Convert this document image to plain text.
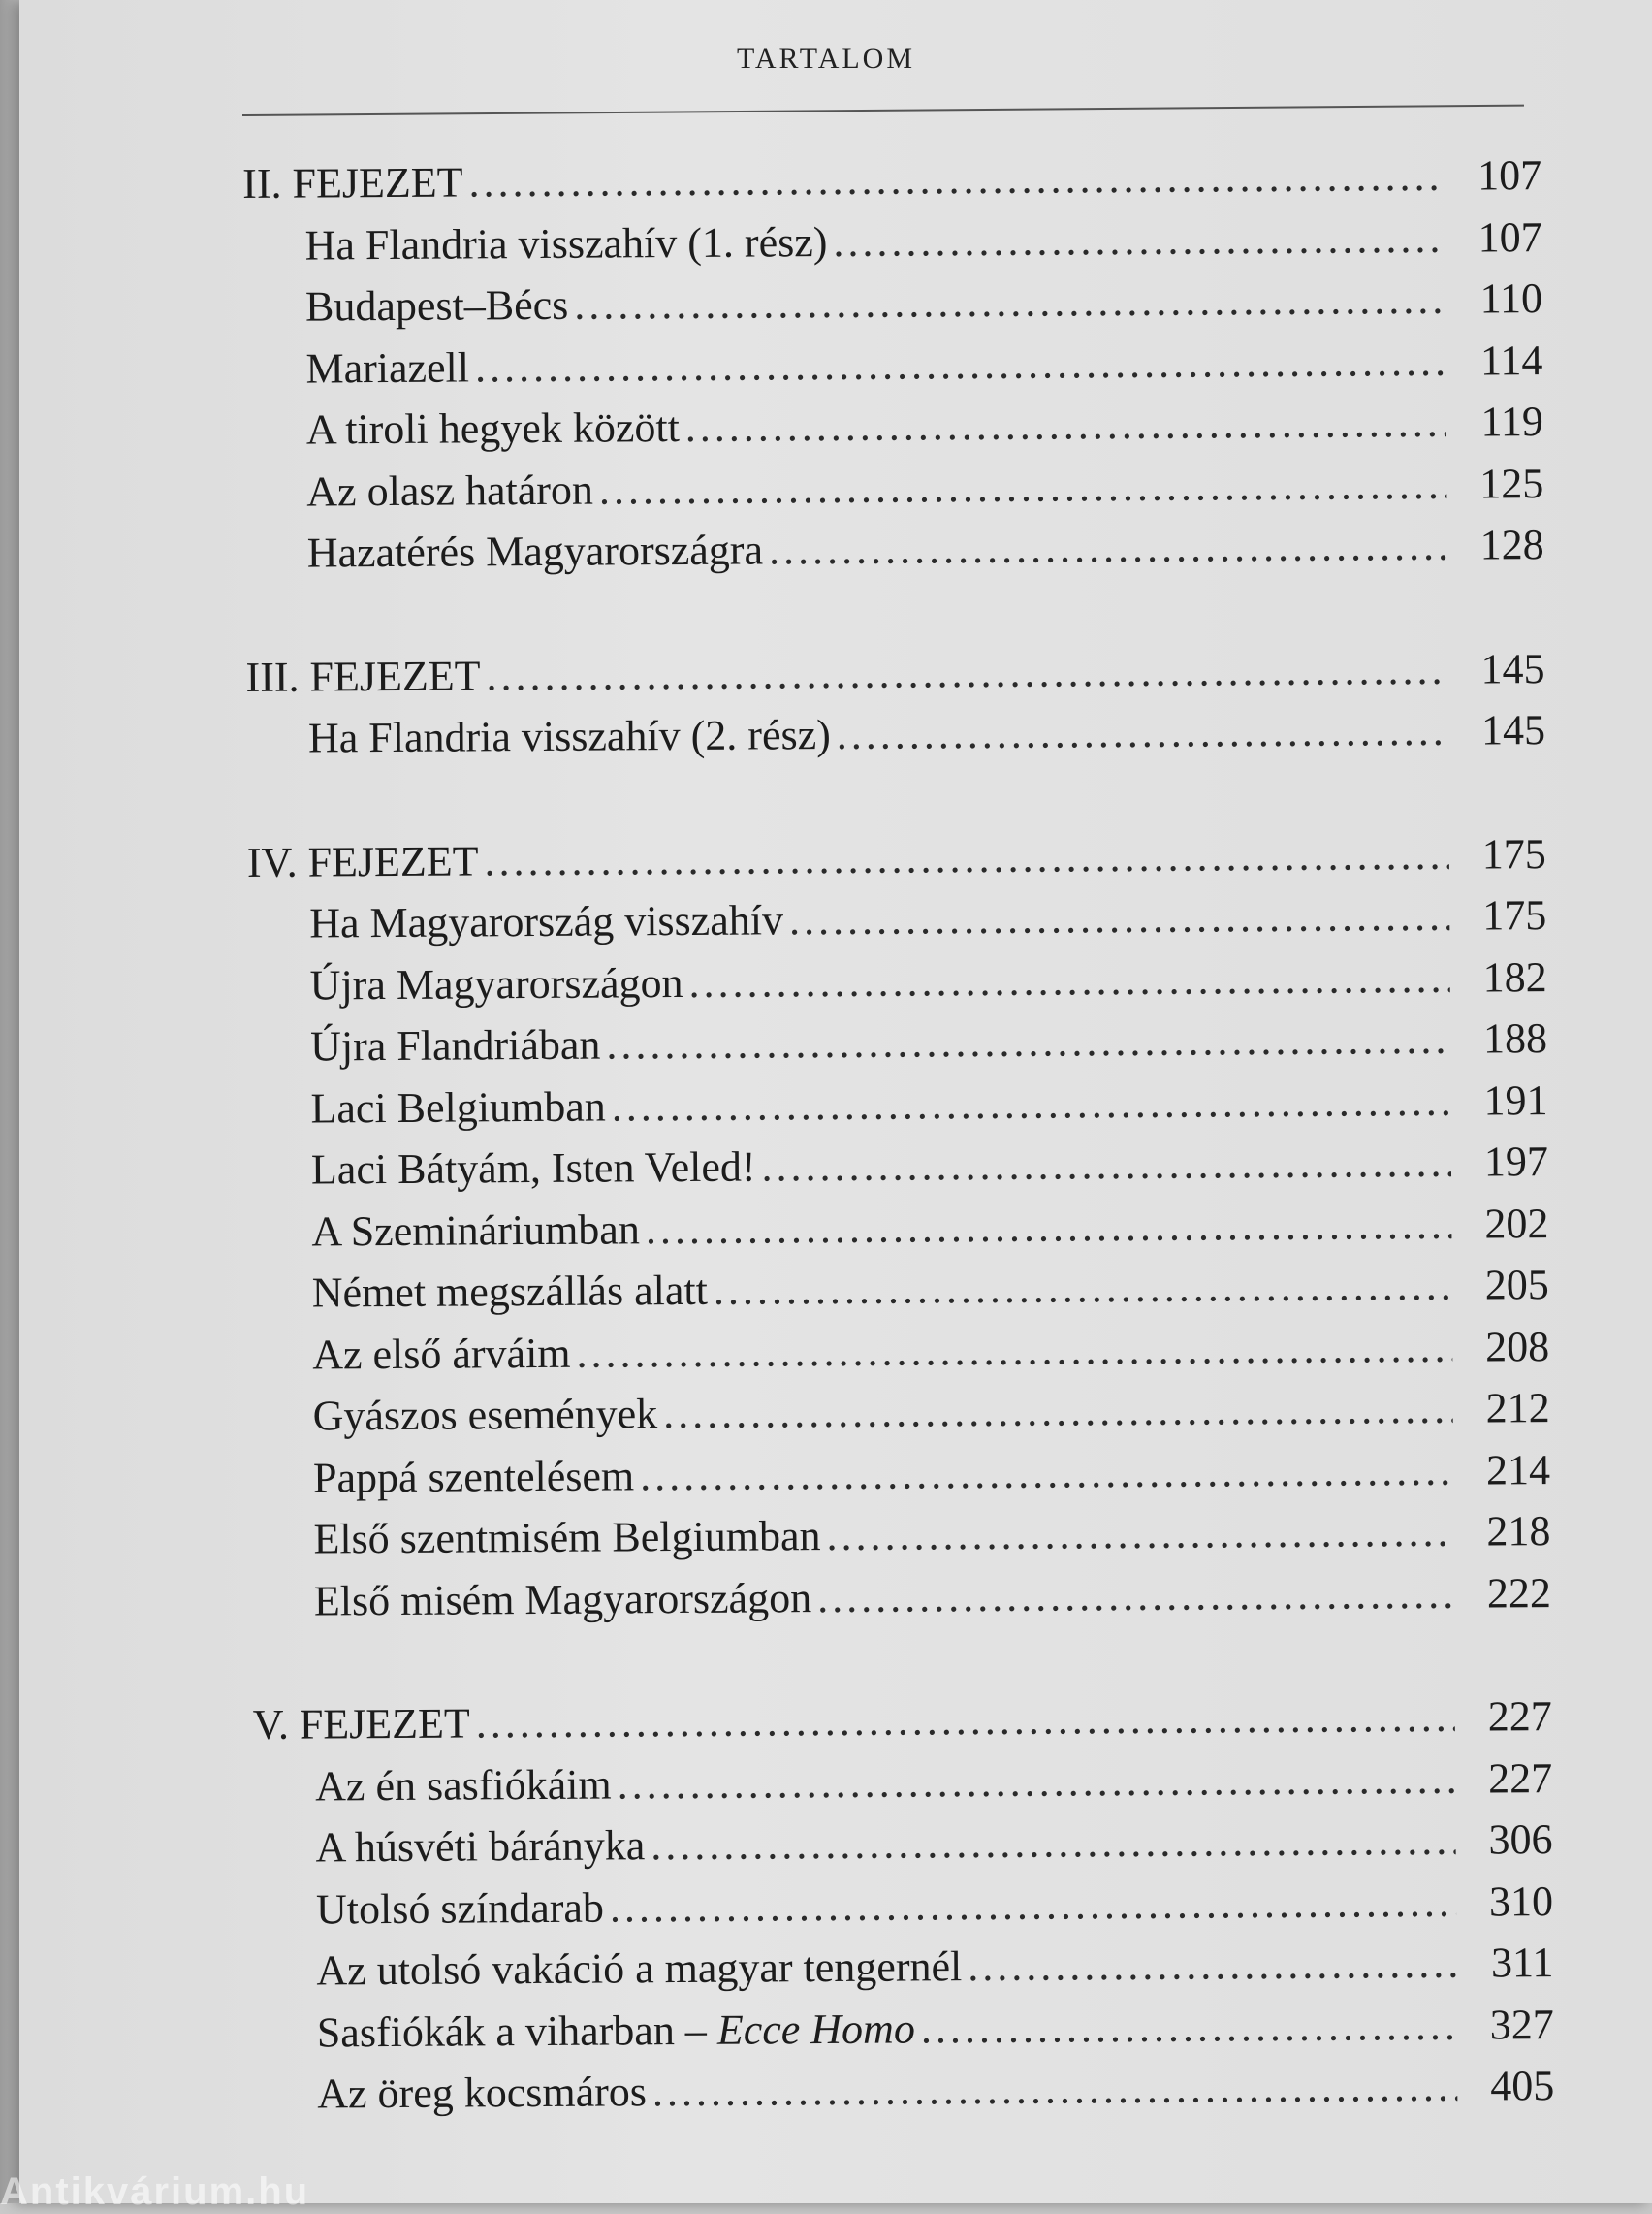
TARTALOM
II. FEJEZET .....	107
Ha Flandria visszahív (1. rész) .....	107
Budapest–Bécs .....	110
Mariazell .....	114
A tiroli hegyek között .....	119
Az olasz határon .....	125
Hazatérés Magyarországra .....	128
III. FEJEZET .....	145
Ha Flandria visszahív (2. rész) .....	145
IV. FEJEZET .....	175
Ha Magyarország visszahív .....	175
Újra Magyarországon .....	182
Újra Flandriában .....	188
Laci Belgiumban .....	191
Laci Bátyám, Isten Veled! .....	197
A Szemináriumban .....	202
Német megszállás alatt .....	205
Az első árváim .....	208
Gyászos események .....	212
Pappá szentelésem .....	214
Első szentmisém Belgiumban .....	218
Első misém Magyarországon .....	222
V. FEJEZET .....	227
Az én sasfiókáim .....	227
A húsvéti bárányka .....	306
Utolsó színdarab .....	310
Az utolsó vakáció a magyar tengernél .....	311
Sasfiókák a viharban – Ecce Homo .....	327
Az öreg kocsmáros .....	405
Antikvárium.hu
